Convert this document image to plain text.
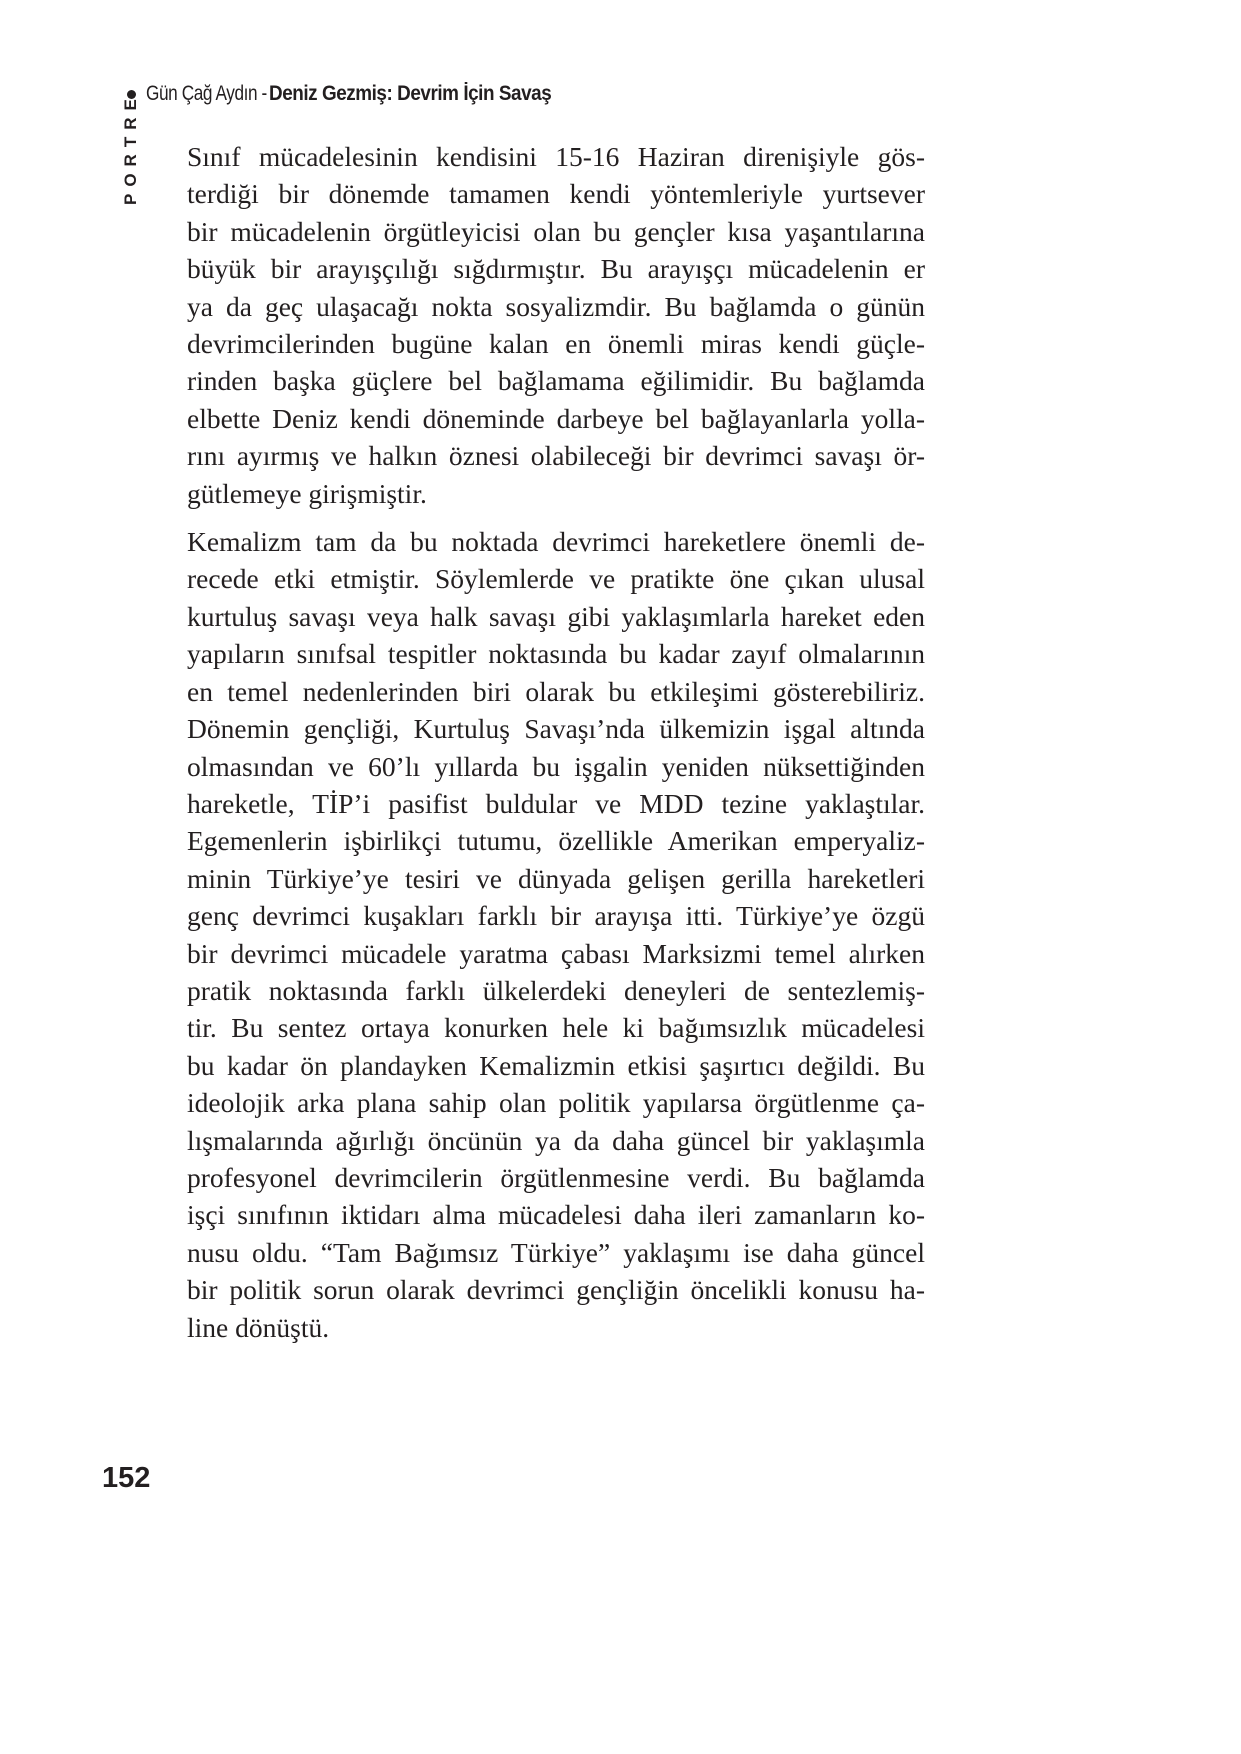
Gün Çağ Aydın - Deniz Gezmiş: Devrim İçin Savaş
PORTRE Sınıf mücadelesinin kendisini 15-16 Haziran direnişiyle gös-
terdiği bir dönemde tamamen kendi yöntemleriyle yurtsever
bir mücadelenin örgütleyicisi olan bu gençler kısa yaşantılarına
büyük bir arayışçılığı sığdırmıştır. Bu arayışçı mücadelenin er
ya da geç ulaşacağı nokta sosyalizmdir. Bu bağlamda o günün
devrimcilerinden bugüne kalan en önemli miras kendi güçle-
rinden başka güçlere bel bağlamama eğilimidir. Bu bağlamda
elbette Deniz kendi döneminde darbeye bel bağlayanlarla yolla-
rını ayırmış ve halkın öznesi olabileceği bir devrimci savaşı ör-
gütlemeye girişmiştir.
Kemalizm tam da bu noktada devrimci hareketlere önemli de-
recede etki etmiştir. Söylemlerde ve pratikte öne çıkan ulusal
kurtuluş savaşı veya halk savaşı gibi yaklaşımlarla hareket eden
yapıların sınıfsal tespitler noktasında bu kadar zayıf olmalarının
en temel nedenlerinden biri olarak bu etkileşimi gösterebiliriz.
Dönemin gençliği, Kurtuluş Savaşı’nda ülkemizin işgal altında
olmasından ve 60’lı yıllarda bu işgalin yeniden nüksettiğinden
hareketle, TİP’i pasifist buldular ve MDD tezine yaklaştılar.
Egemenlerin işbirlikçi tutumu, özellikle Amerikan emperyaliz-
minin Türkiye’ye tesiri ve dünyada gelişen gerilla hareketleri
genç devrimci kuşakları farklı bir arayışa itti. Türkiye’ye özgü
bir devrimci mücadele yaratma çabası Marksizmi temel alırken
pratik noktasında farklı ülkelerdeki deneyleri de sentezlemiş-
tir. Bu sentez ortaya konurken hele ki bağımsızlık mücadelesi
bu kadar ön plandayken Kemalizmin etkisi şaşırtıcı değildi. Bu
ideolojik arka plana sahip olan politik yapılarsa örgütlenme ça-
lışmalarında ağırlığı öncünün ya da daha güncel bir yaklaşımla
profesyonel devrimcilerin örgütlenmesine verdi. Bu bağlamda
işçi sınıfının iktidarı alma mücadelesi daha ileri zamanların ko-
nusu oldu. “Tam Bağımsız Türkiye” yaklaşımı ise daha güncel
bir politik sorun olarak devrimci gençliğin öncelikli konusu ha-
line dönüştü.
152
